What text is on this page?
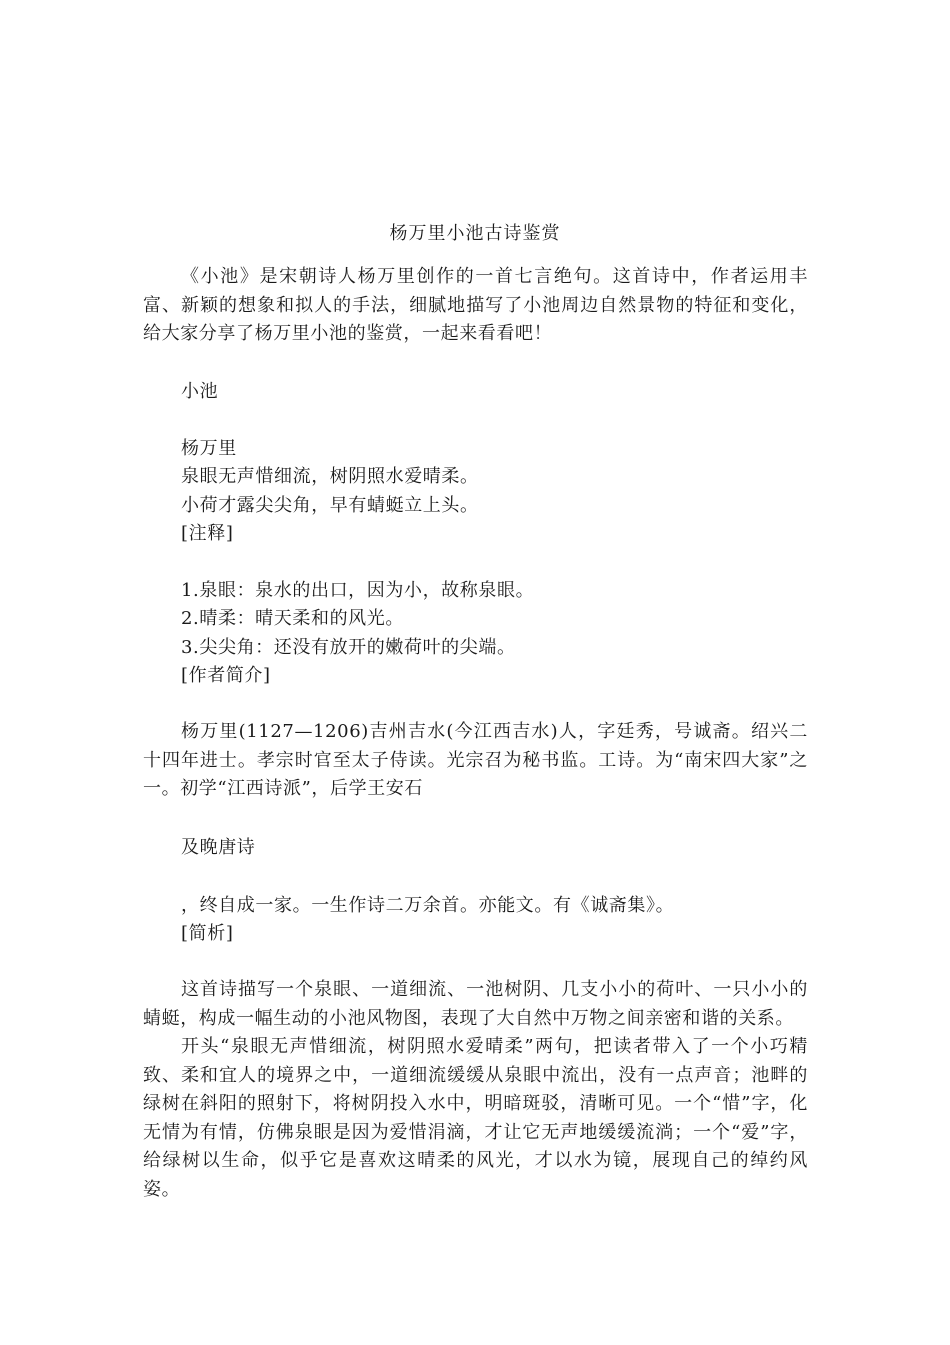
杨万里小池古诗鉴赏
《小池》是宋朝诗人杨万里创作的一首七言绝句。这首诗中，作者运用丰富、新颖的想象和拟人的手法，细腻地描写了小池周边自然景物的特征和变化，给大家分享了杨万里小池的鉴赏，一起来看看吧！
小池
杨万里
泉眼无声惜细流，树阴照水爱晴柔。
小荷才露尖尖角，早有蜻蜓立上头。
[注释]
1.泉眼：泉水的出口，因为小，故称泉眼。
2.晴柔：晴天柔和的风光。
3.尖尖角：还没有放开的嫩荷叶的尖端。
[作者简介]
杨万里(1127—1206)吉州吉水(今江西吉水)人，字廷秀，号诚斋。绍兴二十四年进士。孝宗时官至太子侍读。光宗召为秘书监。工诗。为“南宋四大家”之一。初学“江西诗派”，后学王安石
及晚唐诗
，终自成一家。一生作诗二万余首。亦能文。有《诚斋集》。
[简析]
这首诗描写一个泉眼、一道细流、一池树阴、几支小小的荷叶、一只小小的蜻蜓，构成一幅生动的小池风物图，表现了大自然中万物之间亲密和谐的关系。
开头“泉眼无声惜细流，树阴照水爱晴柔”两句，把读者带入了一个小巧精致、柔和宜人的境界之中，一道细流缓缓从泉眼中流出，没有一点声音；池畔的绿树在斜阳的照射下，将树阴投入水中，明暗斑驳，清晰可见。一个“惜”字，化无情为有情，仿佛泉眼是因为爱惜涓滴，才让它无声地缓缓流淌；一个“爱”字，给绿树以生命，似乎它是喜欢这晴柔的风光，才以水为镜，展现自己的绰约风姿。
